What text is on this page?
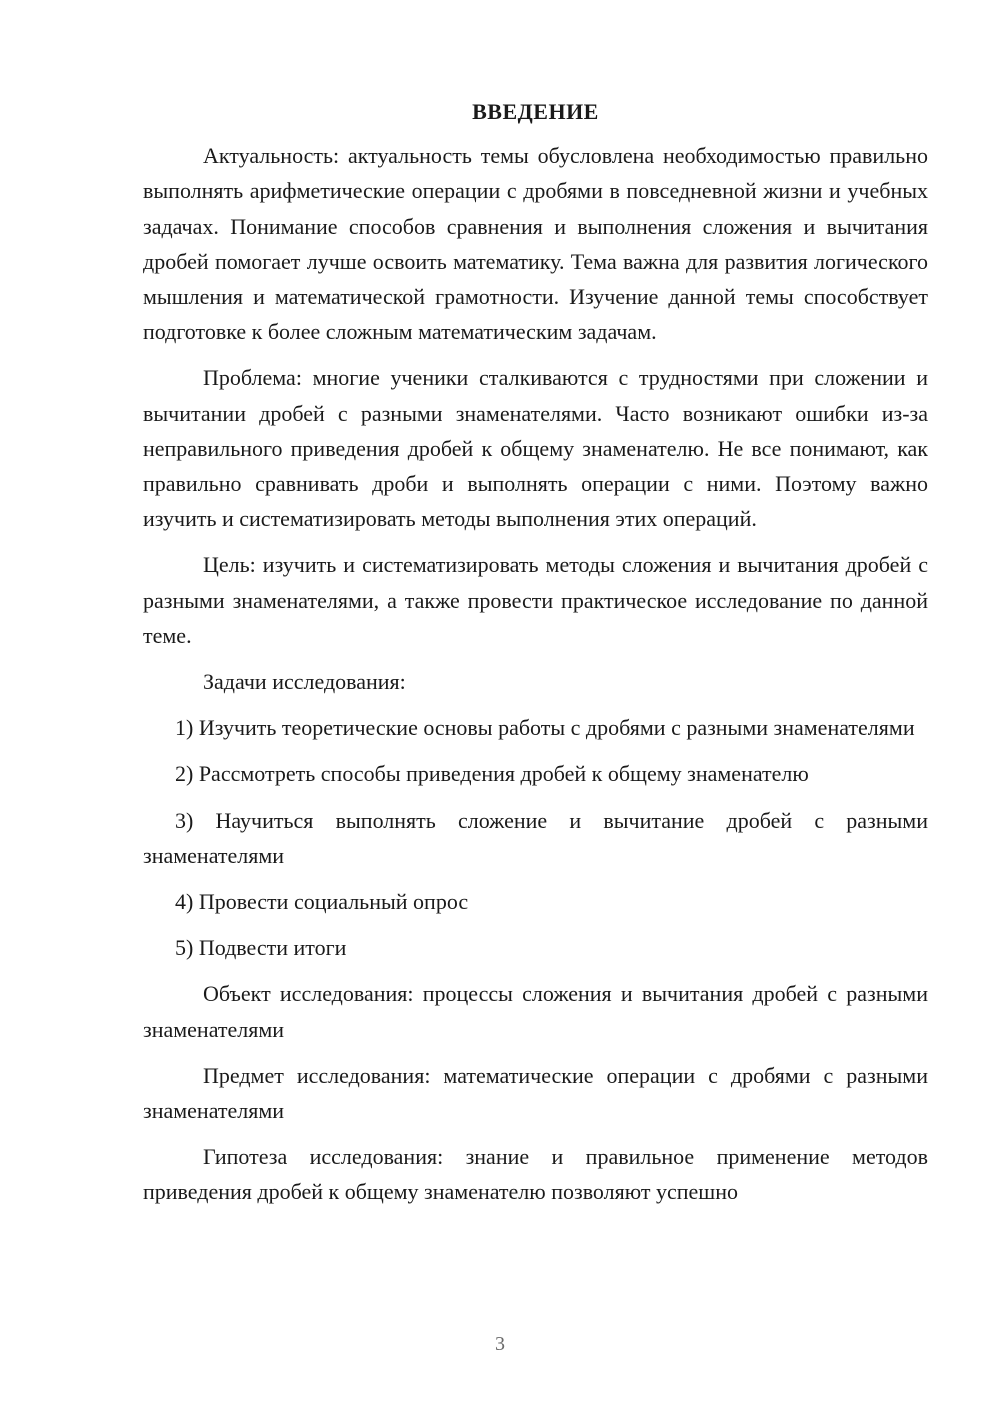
ВВЕДЕНИЕ

Актуальность: актуальность темы обусловлена необходимостью правильно выполнять арифметические операции с дробями в повседневной жизни и учебных задачах. Понимание способов сравнения и выполнения сложения и вычитания дробей помогает лучше освоить математику. Тема важна для развития логического мышления и математической грамотности. Изучение данной темы способствует подготовке к более сложным математическим задачам.

Проблема: многие ученики сталкиваются с трудностями при сложении и вычитании дробей с разными знаменателями. Часто возникают ошибки из-за неправильного приведения дробей к общему знаменателю. Не все понимают, как правильно сравнивать дроби и выполнять операции с ними. Поэтому важно изучить и систематизировать методы выполнения этих операций.

Цель: изучить и систематизировать методы сложения и вычитания дробей с разными знаменателями, а также провести практическое исследование по данной теме.

Задачи исследования:

1) Изучить теоретические основы работы с дробями с разными знаменателями

2) Рассмотреть способы приведения дробей к общему знаменателю

3) Научиться выполнять сложение и вычитание дробей с разными знаменателями

4) Провести социальный опрос

5) Подвести итоги

Объект исследования: процессы сложения и вычитания дробей с разными знаменателями

Предмет исследования: математические операции с дробями с разными знаменателями

Гипотеза исследования: знание и правильное применение методов приведения дробей к общему знаменателю позволяют успешно

3
